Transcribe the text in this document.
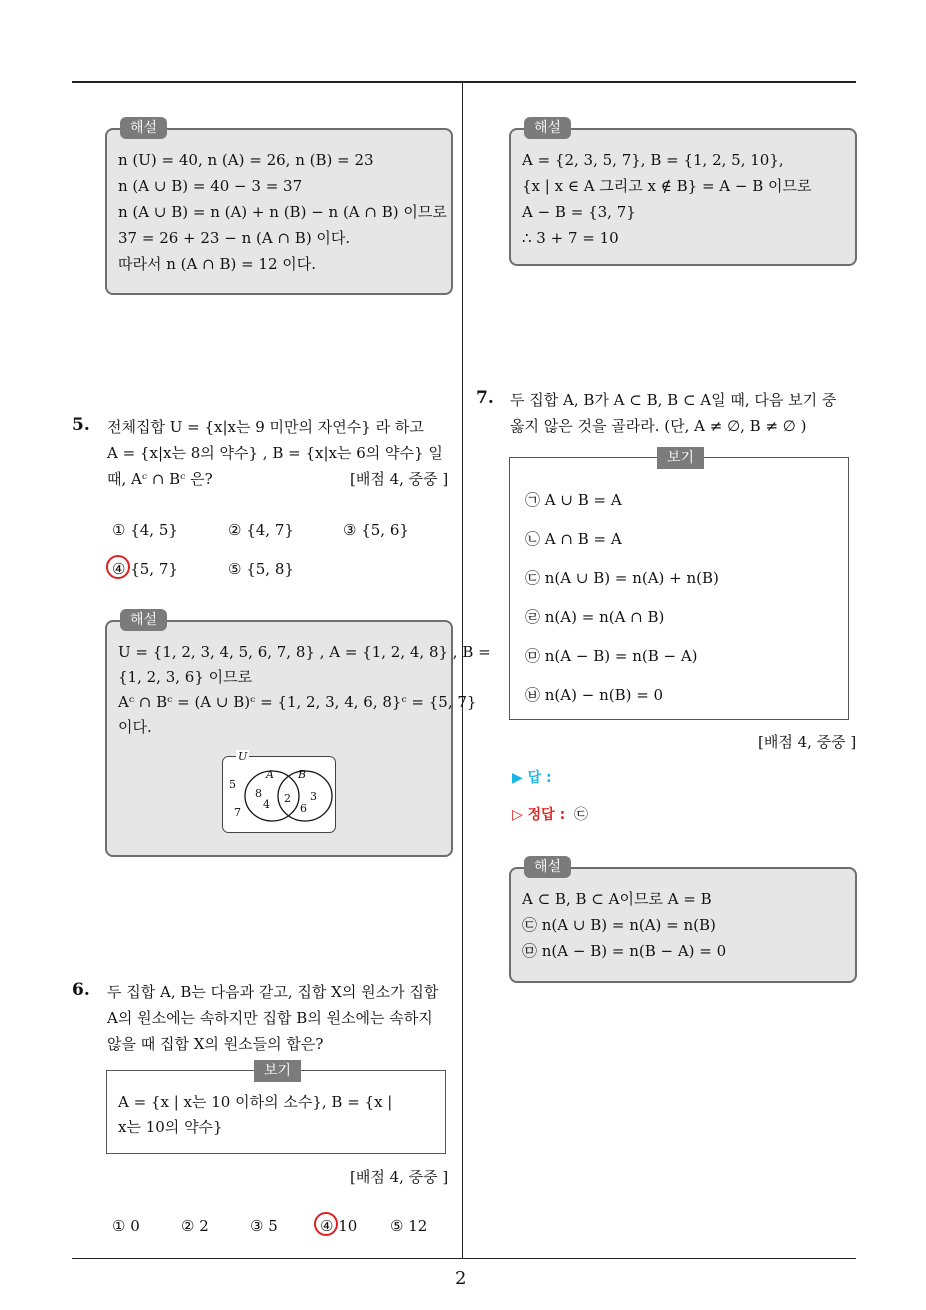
2
해설
n (U) = 40, n (A) = 26, n (B) = 23
n (A ∪ B) = 40 − 3 = 37
n (A ∪ B) = n (A) + n (B) − n (A ∩ B) 이므로
37 = 26 + 23 − n (A ∩ B) 이다.
따라서 n (A ∩ B) = 12 이다.
5. 전체집합 U = {x|x는 9 미만의 자연수} 라 하고
A = {x|x는 8의 약수} , B = {x|x는 6의 약수} 일
때, Aᶜ ∩ Bᶜ 은?	[배점 4, 중중 ]
① {4, 5}	② {4, 7}	③ {5, 6}
④ {5, 7}	⑤ {5, 8}
해설
U = {1, 2, 3, 4, 5, 6, 7, 8} , A = {1, 2, 4, 8} , B =
{1, 2, 3, 6} 이므로
Aᶜ ∩ Bᶜ = (A ∪ B)ᶜ = {1, 2, 3, 4, 6, 8}ᶜ = {5, 7}
이다.
U
A B
5
7
8
4 2 3
6
6. 두 집합 A, B는 다음과 같고, 집합 X의 원소가 집합
A의 원소에는 속하지만 집합 B의 원소에는 속하지
않을 때 집합 X의 원소들의 합은?
보기
A = {x | x는 10 이하의 소수}, B = {x |
x는 10의 약수}
[배점 4, 중중 ]
① 0	② 2	③ 5	④ 10 ⑤ 12
해설
A = {2, 3, 5, 7}, B = {1, 2, 5, 10},
{x | x ∈ A 그리고 x ∉ B} = A − B 이므로
A − B = {3, 7}
∴ 3 + 7 = 10
7. 두 집합 A, B가 A ⊂ B, B ⊂ A일 때, 다음 보기 중
옳지 않은 것을 골라라. (단, A ≠ ∅, B ≠ ∅ )
보기
㉠ A ∪ B = A
㉡ A ∩ B = A
㉢ n(A ∪ B) = n(A) + n(B)
㉣ n(A) = n(A ∩ B)
㉤ n(A − B) = n(B − A)
㉥ n(A) − n(B) = 0
[배점 4, 중중 ]
▶ 답 :
▷ 정답 : ㉢
해설
A ⊂ B, B ⊂ A이므로 A = B
㉢ n(A ∪ B) = n(A) = n(B)
㉤ n(A − B) = n(B − A) = 0
